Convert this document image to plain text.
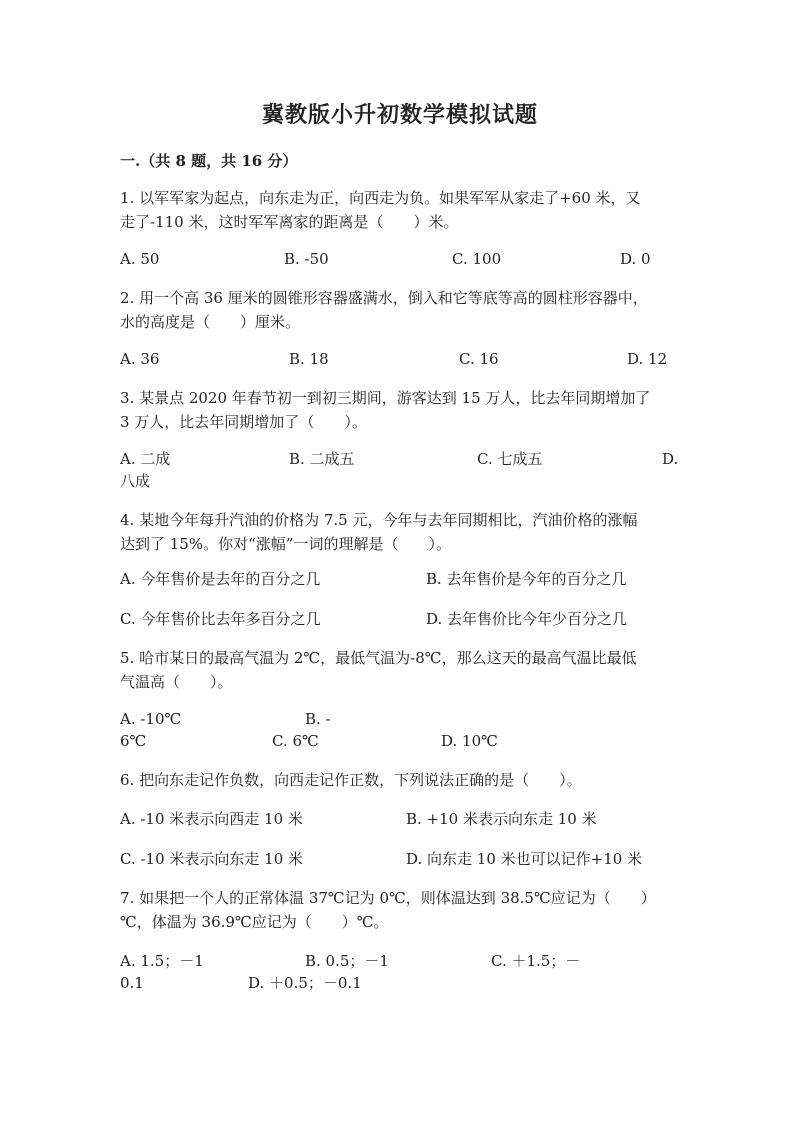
冀教版小升初数学模拟试题
一.（共 8 题，共 16 分）
1. 以军军家为起点，向东走为正，向西走为负。如果军军从家走了+60 米，又
走了-110 米，这时军军离家的距离是（　　）米。
A. 50	B. -50	C. 100	D. 0
2. 用一个高 36 厘米的圆锥形容器盛满水，倒入和它等底等高的圆柱形容器中，
水的高度是（　　）厘米。
A. 36	B. 18	C. 16	D. 12
3. 某景点 2020 年春节初一到初三期间，游客达到 15 万人，比去年同期增加了
3 万人，比去年同期增加了（　　）。
A. 二成	B. 二成五	C. 七成五	D.
八成
4. 某地今年每升汽油的价格为 7.5 元，今年与去年同期相比，汽油价格的涨幅
达到了 15%。你对“涨幅”一词的理解是（　　）。
A. 今年售价是去年的百分之几	B. 去年售价是今年的百分之几
C. 今年售价比去年多百分之几	D. 去年售价比今年少百分之几
5. 哈市某日的最高气温为 2℃，最低气温为-8℃，那么这天的最高气温比最低
气温高（　　）。
A. -10℃	B. -
6℃	C. 6℃	D. 10℃
6. 把向东走记作负数，向西走记作正数，下列说法正确的是（　　）。
A. -10 米表示向西走 10 米	B. +10 米表示向东走 10 米
C. -10 米表示向东走 10 米	D. 向东走 10 米也可以记作+10 米
7. 如果把一个人的正常体温 37℃记为 0℃，则体温达到 38.5℃应记为（　　）
℃，体温为 36.9℃应记为（　　）℃。
A. 1.5；－1	B. 0.5；－1	C. ＋1.5；－
0.1	D. ＋0.5；－0.1
